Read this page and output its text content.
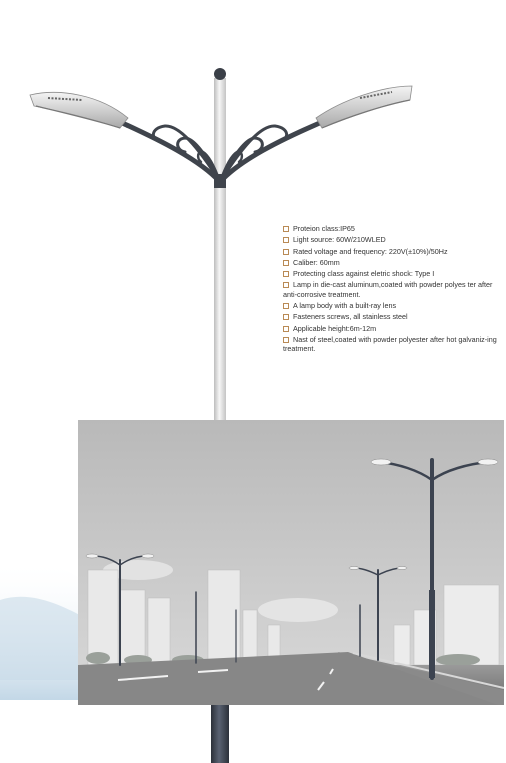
Proteion class:IP65
Light source: 60W/210WLED
Rated voltage and frequency: 220V(±10%)/50Hz
Caliber: 60mm
Protecting class against eletric shock: Type I
Lamp in die-cast aluminum,coated with powder polyes ter after anti-corrosive treatment.
A lamp body with a built-ray lens
Fasteners screws, all stainless steel
Applicable height:6m-12m
Nast of steel,coated with powder polyester after hot galvaniz-ing treatment.
